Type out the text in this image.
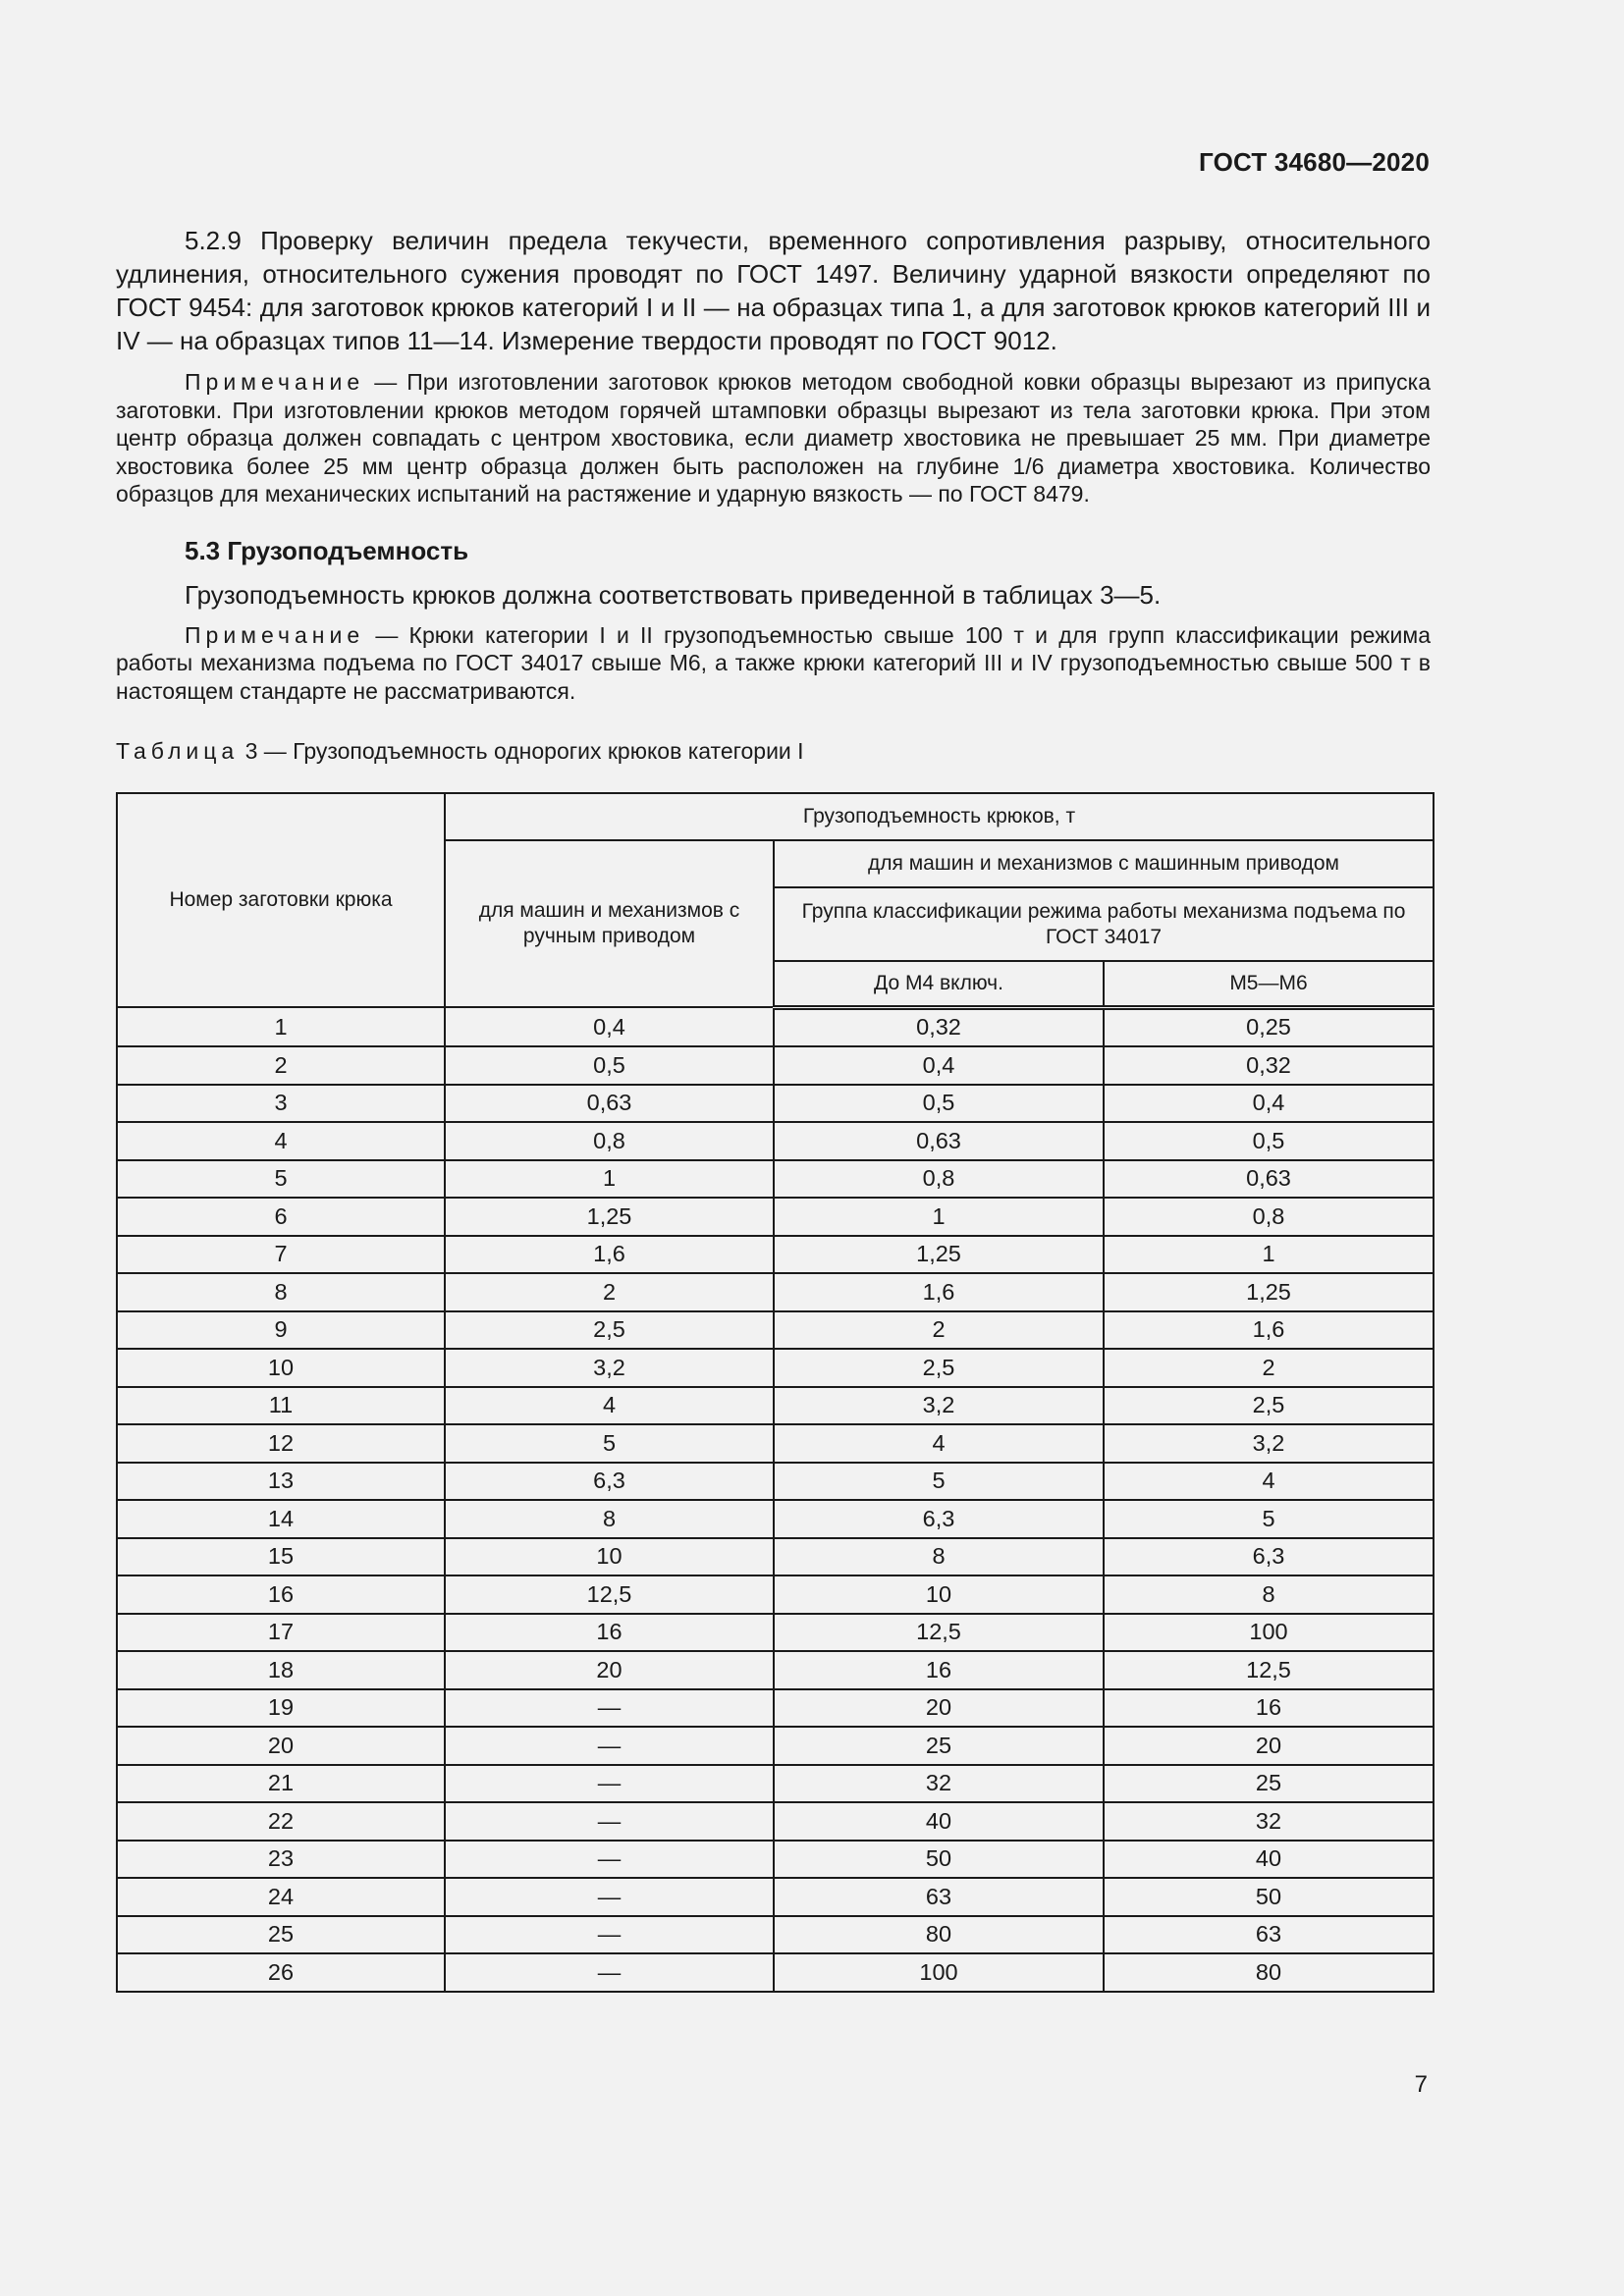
ГОСТ 34680—2020

5.2.9 Проверку величин предела текучести, временного сопротивления разрыву, относительного удлинения, относительного сужения проводят по ГОСТ 1497. Величину ударной вязкости определяют по ГОСТ 9454: для заготовок крюков категорий I и II — на образцах типа 1, а для заготовок крюков категорий III и IV — на образцах типов 11—14. Измерение твердости проводят по ГОСТ 9012.

Примечание — При изготовлении заготовок крюков методом свободной ковки образцы вырезают из припуска заготовки. При изготовлении крюков методом горячей штамповки образцы вырезают из тела заготовки крюка. При этом центр образца должен совпадать с центром хвостовика, если диаметр хвостовика не превышает 25 мм. При диаметре хвостовика более 25 мм центр образца должен быть расположен на глубине 1/6 диаметра хвостовика. Количество образцов для механических испытаний на растяжение и ударную вязкость — по ГОСТ 8479.

5.3 Грузоподъемность

Грузоподъемность крюков должна соответствовать приведенной в таблицах 3—5.

Примечание — Крюки категории I и II грузоподъемностью свыше 100 т и для групп классификации режима работы механизма подъема по ГОСТ 34017 свыше М6, а также крюки категорий III и IV грузоподъемностью свыше 500 т в настоящем стандарте не рассматриваются.

Таблица 3 — Грузоподъемность однорогих крюков категории I
Номер заготовки крюка	Грузоподъемность крюков, т		
	для машин и механизмов с ручным приводом	для машин и механизмов с машинным приводом	
		Группа классификации режима работы механизма подъема по ГОСТ 34017	
		До М4 включ.	М5—М6
1	0,4	0,32	0,25
2	0,5	0,4	0,32
3	0,63	0,5	0,4
4	0,8	0,63	0,5
5	1	0,8	0,63
6	1,25	1	0,8
7	1,6	1,25	1
8	2	1,6	1,25
9	2,5	2	1,6
10	3,2	2,5	2
11	4	3,2	2,5
12	5	4	3,2
13	6,3	5	4
14	8	6,3	5
15	10	8	6,3
16	12,5	10	8
17	16	12,5	100
18	20	16	12,5
19	—	20	16
20	—	25	20
21	—	32	25
22	—	40	32
23	—	50	40
24	—	63	50
25	—	80	63
26	—	100	80
7
